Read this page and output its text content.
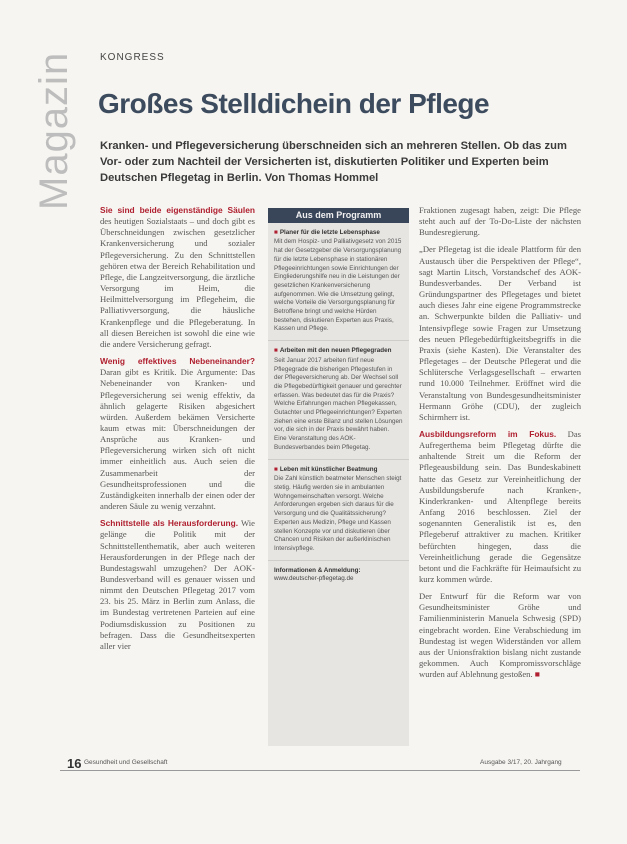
Magazin KONGRESS
Großes Stelldichein der Pflege
Kranken- und Pflegeversicherung überschneiden sich an mehreren Stellen. Ob das zum Vor- oder zum Nachteil der Versicherten ist, diskutierten Politiker und Experten beim Deutschen Pflegetag in Berlin. Von Thomas Hommel

Sie sind beide eigenständige Säulen des heutigen Sozialstaats – und doch gibt es Überschneidungen zwischen gesetzlicher Krankenversicherung und sozialer Pflegeversicherung. Zu den Schnittstellen gehören etwa der Bereich Rehabilitation und Pflege, die Langzeitversorgung, die ärztliche Versorgung im Heim, die Heilmittelversorgung im Pflegeheim, die Palliativversorgung, die häusliche Krankenpflege und die Pflegeberatung. In all diesen Bereichen ist sowohl die eine wie die andere Versicherung gefragt.

Wenig effektives Nebeneinander? Daran gibt es Kritik. Die Argumente: Das Nebeneinander von Kranken- und Pflegeversicherung sei wenig effektiv, da ähnlich gelagerte Risiken abgesichert würden. Außerdem bekämen Versicherte kaum etwas mit: Überschneidungen der Ansprüche aus Kranken- und Pflegeversicherung wirken sich oft nicht immer einheitlich aus. Auch seien die Zusammenarbeit der Gesundheitsprofessionen und die Zuständigkeiten innerhalb der einen oder der anderen Säule zu wenig verzahnt.

Schnittstelle als Herausforderung. Wie gelänge die Politik mit der Schnittstellenthematik, aber auch weiteren Herausforderungen in der Pflege nach der Bundestagswahl umzugehen? Der AOK-Bundesverband will es genauer wissen und nimmt den Deutschen Pflegetag 2017 vom 23. bis 25. März in Berlin zum Anlass, die im Bundestag vertretenen Parteien auf eine Podiumsdiskussion zu Positionen zu befragen. Dass die Gesundheitsexperten aller vier

Aus dem Programm
■ Planer für die letzte Lebensphase
Mit dem Hospiz- und Palliativgesetz von 2015 hat der Gesetzgeber die Versorgungsplanung für die letzte Lebensphase in stationären Pflegeeinrichtungen sowie Einrichtungen der Eingliederungshilfe neu in die Leistungen der gesetzlichen Krankenversicherung aufgenommen. Wie die Umsetzung gelingt, welche Vorteile die Versorgungsplanung für Betroffene bringt und welche Hürden bestehen, diskutieren Experten aus Praxis, Kassen und Pflege.
■ Arbeiten mit den neuen Pflegegraden
Seit Januar 2017 arbeiten fünf neue Pflegegrade die bisherigen Pflegestufen in der Pflegeversicherung ab. Der Wechsel soll die Pflegebedürftigkeit genauer und gerechter erfassen. Was bedeutet das für die Praxis? Welche Erfahrungen machen Pflegekassen, Gutachter und Pflegeeinrichtungen? Experten ziehen eine erste Bilanz und stellen Lösungen vor, die sich in der Praxis bewährt haben. Eine Veranstaltung des AOK-Bundesverbandes beim Pflegetag.
■ Leben mit künstlicher Beatmung
Die Zahl künstlich beatmeter Menschen steigt stetig. Häufig werden sie in ambulanten Wohngemeinschaften versorgt. Welche Anforderungen ergeben sich daraus für die Versorgung und die Qualitätssicherung? Experten aus Medizin, Pflege und Kassen stellen Konzepte vor und diskutieren über Chancen und Risiken der außerklinischen Intensivpflege.
Informationen & Anmeldung:
www.deutscher-pflegetag.de

Fraktionen zugesagt haben, zeigt: Die Pflege steht auch auf der To-Do-Liste der nächsten Bundesregierung.

„Der Pflegetag ist die ideale Plattform für den Austausch über die Perspektiven der Pflege“, sagt Martin Litsch, Vorstandschef des AOK-Bundesverbandes. Der Verband ist Gründungspartner des Pflegetages und bietet auch dieses Jahr eine eigene Programmstrecke an. Schwerpunkte bilden die Palliativ- und Intensivpflege sowie Fragen zur Umsetzung des neuen Pflegebedürftigkeitsbegriffs in die Praxis (siehe Kasten). Die Veranstalter des Pflegetages – der Deutsche Pflegerat und die Schlütersche Verlagsgesellschaft – erwarten rund 10.000 Teilnehmer. Eröffnet wird die Veranstaltung von Bundesgesundheitsminister Hermann Gröhe (CDU), der zugleich Schirmherr ist.

Ausbildungsreform im Fokus. Das Aufregerthema beim Pflegetag dürfte die anhaltende Streit um die Reform der Pflegeausbildung sein. Das Bundeskabinett hatte das Gesetz zur Vereinheitlichung der Ausbildungsberufe nach Kranken-, Kinderkranken- und Altenpflege bereits Anfang 2016 beschlossen. Ziel der sogenannten Generalistik ist es, den Pflegeberuf attraktiver zu machen. Kritiker befürchten hingegen, dass die Vereinheitlichung gerade die Gegensätze betont und die Fachkräfte für Heimaufsicht zu kurz kommen würde.

Der Entwurf für die Reform war von Gesundheitsminister Gröhe und Familienministerin Manuela Schwesig (SPD) eingebracht worden. Eine Verabschiedung im Bundestag ist wegen Widerständen vor allem aus der Unionsfraktion bislang nicht zustande gekommen. Auch Kompromissvorschläge wurden auf Ablehnung gestoßen. ■

16 Gesundheit und Gesellschaft	Ausgabe 3/17, 20. Jahrgang
